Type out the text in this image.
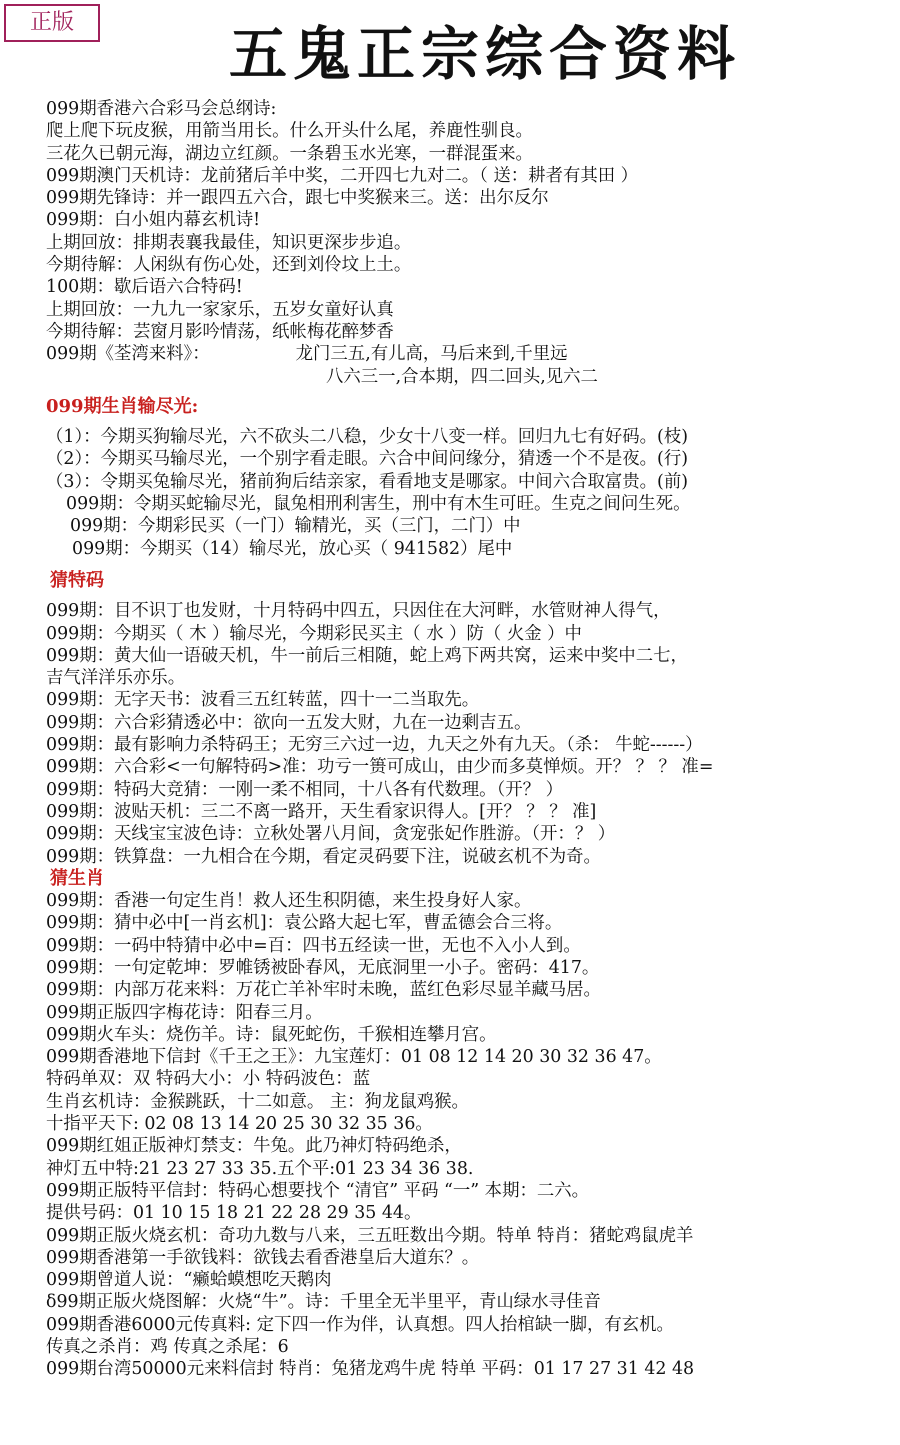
正版	五鬼正宗综合资料
099期香港六合彩马会总纲诗:
爬上爬下玩皮猴，用箭当用长。什么开头什么尾，养鹿性驯良。
三花久已朝元海，湖边立红颜。一条碧玉水光寒，一群混蛋来。
099期澳门天机诗：龙前猪后羊中奖，二开四七九对二。（ 送：耕者有其田 ）
099期先锋诗：并一跟四五六合，跟七中奖猴来三。送：出尔反尔
099期：白小姐内幕玄机诗!
上期回放：排期表襄我最佳，知识更深步步追。
今期待解：人闲纵有伤心处，还到刘伶坟上土。
100期：歇后语六合特码!
上期回放：一九九一家家乐，五岁女童好认真
今期待解：芸窗月影吟情荡，纸帐梅花醉梦香
099期《荃湾来料》：	龙门三五,有儿高，马后来到,千里远
八六三一,合本期，四二回头,见六二
099期生肖输尽光:
（1）：今期买狗输尽光，六不砍头二八稳，少女十八变一样。回归九七有好码。(枝)
（2）：今期买马输尽光，一个别字看走眼。六合中间问缘分，猜透一个不是夜。(行)
（3）：令期买兔输尽光，猪前狗后结亲家，看看地支是哪家。中间六合取富贵。(前)
099期：令期买蛇输尽光，鼠兔相刑利害生，刑中有木生可旺。生克之间问生死。
099期：今期彩民买（一门）输精光，买（三门，二门）中
099期：今期买（14）输尽光，放心买（ 941582）尾中
猜特码
099期：目不识丁也发财，十月特码中四五，只因住在大河畔，水管财神人得气，
099期：今期买（ 木 ）输尽光，今期彩民买主（ 水 ）防（ 火金 ）中
099期：黄大仙一语破天机，牛一前后三相随，蛇上鸡下两共窝，运来中奖中二七，
吉气洋洋乐亦乐。
099期：无字天书：波看三五红转蓝，四十一二当取先。
099期：六合彩猜透必中：欲向一五发大财，九在一边剩吉五。
099期：最有影响力杀特码王；无穷三六过一边，九天之外有九天。（杀： 牛蛇------）
099期：六合彩<一句解特码>准：功亏一篑可成山，由少而多莫惮烦。开？ ？ ？ 准=
099期：特码大竞猜：一刚一柔不相同，十八各有代数理。（开？ ）
099期：波贴天机：三二不离一路开，天生看家识得人。[开？ ？ ？ 准]
099期：天线宝宝波色诗：立秋处署八月间，贪宠张妃作胜游。（开：？ ）
099期：铁算盘：一九相合在今期，看定灵码要下注，说破玄机不为奇。
猜生肖
099期：香港一句定生肖！救人还生积阴德，来生投身好人家。
099期：猜中必中[一肖玄机]：袁公路大起七军，曹孟德会合三将。
099期：一码中特猜中必中=百：四书五经读一世，无也不入小人到。
099期：一句定乾坤：罗帷锈被卧春风，无底洞里一小子。密码：417。
099期：内部万花来料：万花亡羊补牢时未晚，蓝红色彩尽显羊藏马居。
099期正版四字梅花诗：阳春三月。
099期火车头：烧伤羊。诗：鼠死蛇伤，千猴相连攀月宫。
099期香港地下信封《千王之王》：九宝莲灯：01 08 12 14 20 30 32 36 47。
特码单双：双 特码大小：小 特码波色：蓝
生肖玄机诗：金猴跳跃，十二如意。 主：狗龙鼠鸡猴。
十指平天下: 02 08 13 14 20 25 30 32 35 36。
099期红姐正版神灯禁支：牛兔。此乃神灯特码绝杀，
神灯五中特:21 23 27 33 35.五个平:01 23 34 36 38.
099期正版特平信封：特码心想要找个 “清官” 平码 “一” 本期：二六。
提供号码：01 10 15 18 21 22 28 29 35 44。
099期正版火烧玄机：奇功九数与八来，三五旺数出今期。特单 特肖：猪蛇鸡鼠虎羊
099期香港第一手欲钱料：欲钱去看香港皇后大道东？。
099期曾道人说：“癞蛤蟆想吃天鹅肉
δ99期正版火烧图解：火烧“牛”。诗：千里全无半里平，青山绿水寻佳音
099期香港6000元传真料: 定下四一作为伴，认真想。四人抬棺缺一脚，有玄机。
传真之杀肖：鸡 传真之杀尾：6
099期台湾50000元来料信封 特肖：兔猪龙鸡牛虎 特单 平码：01 17 27 31 42 48
